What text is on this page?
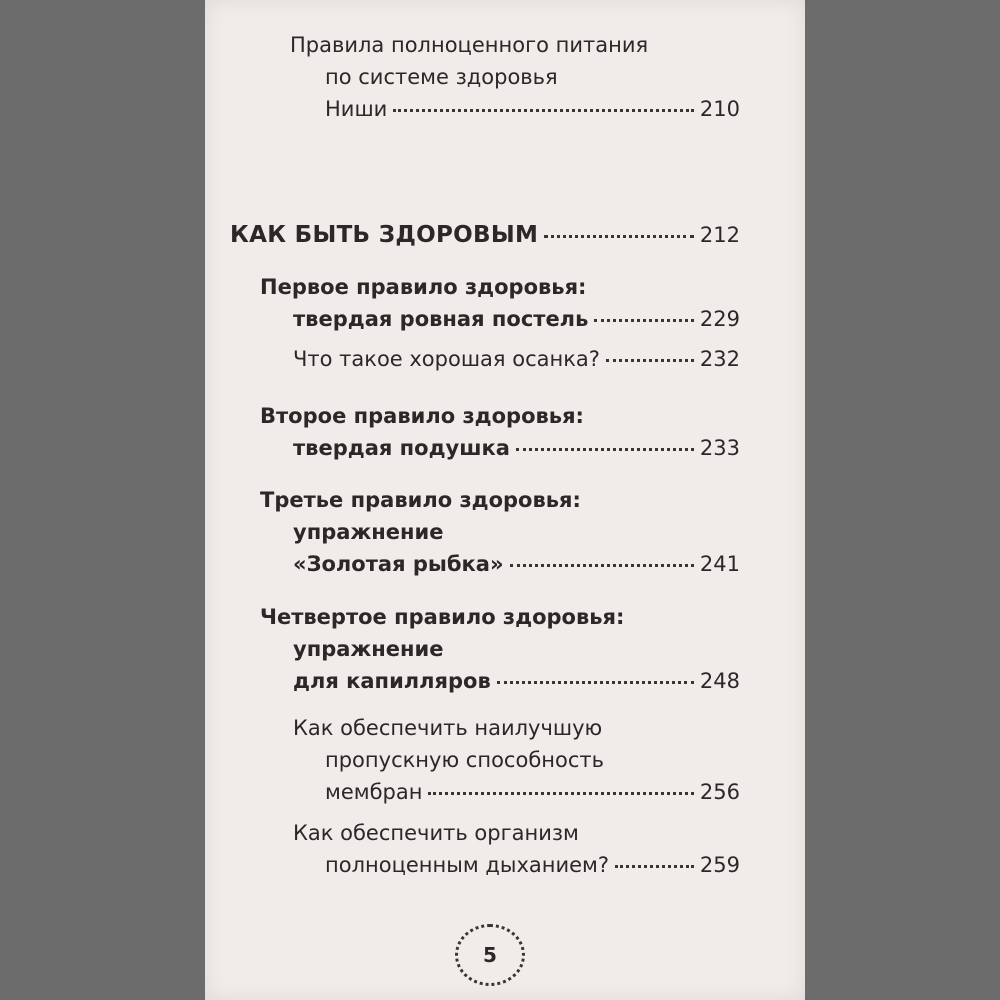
Правила полноценного питания
по системе здоровья
Ниши	210
КАК БЫТЬ ЗДОРОВЫМ	212
Первое правило здоровья:
твердая ровная постель	229
Что такое хорошая осанка?	232
Второе правило здоровья:
твердая подушка	233
Третье правило здоровья:
упражнение
«Золотая рыбка»	241
Четвертое правило здоровья:
упражнение
для капилляров	248
Как обеспечить наилучшую
пропускную способность
мембран	256
Как обеспечить организм
полноценным дыханием?	259
5
